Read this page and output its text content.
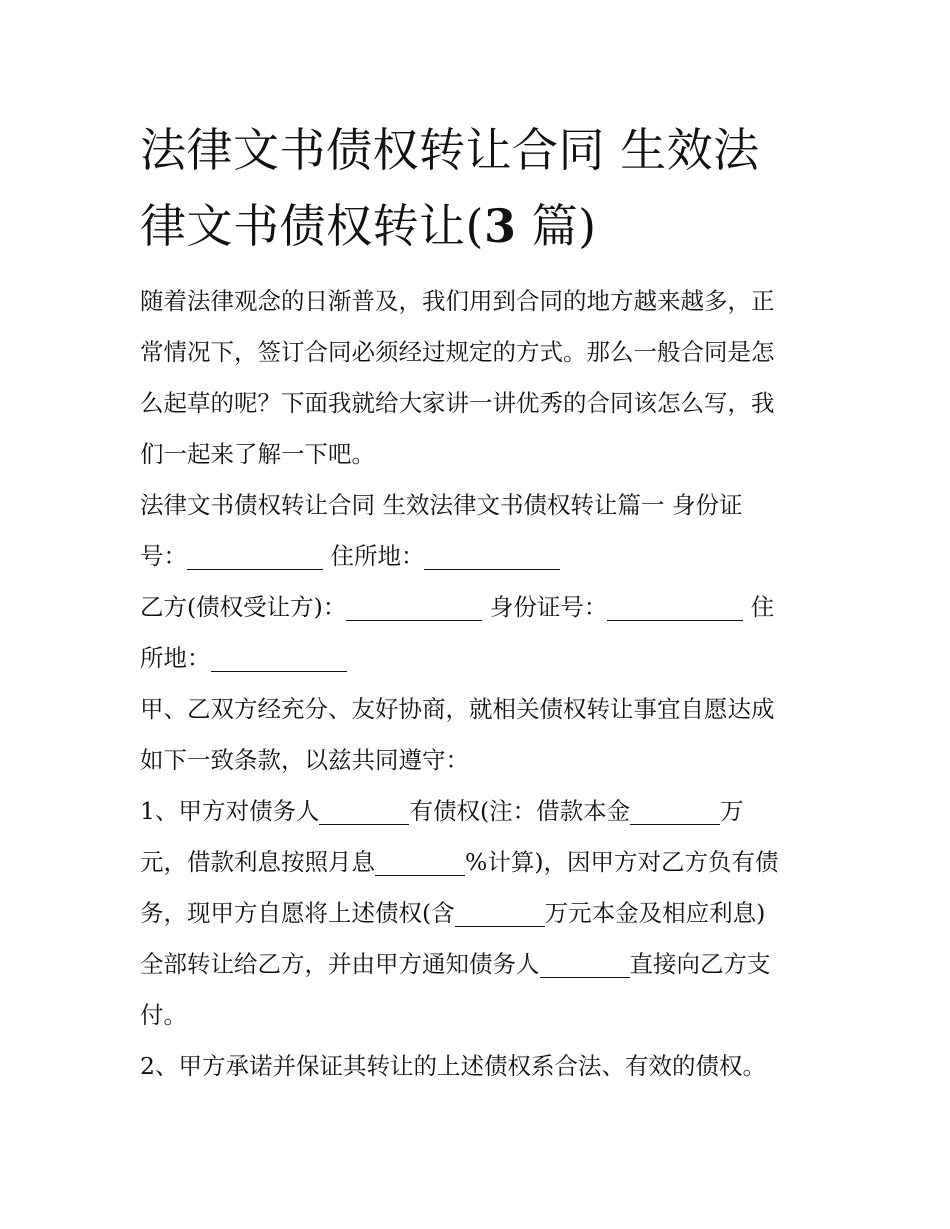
法律文书债权转让合同 生效法
律文书债权转让(3 篇)
随着法律观念的日渐普及，我们用到合同的地方越来越多，正
常情况下，签订合同必须经过规定的方式。那么一般合同是怎
么起草的呢？下面我就给大家讲一讲优秀的合同该怎么写，我
们一起来了解一下吧。
法律文书债权转让合同 生效法律文书债权转让篇一 身份证
号：	住所地：
乙方(债权受让方)：	身份证号：	住
所地：
甲、乙双方经充分、友好协商，就相关债权转让事宜自愿达成
如下一致条款，以兹共同遵守：
1、甲方对债务人	有债权(注：借款本金	万
元，借款利息按照月息	%计算)，因甲方对乙方负有债
务，现甲方自愿将上述债权(含	万元本金及相应利息)
全部转让给乙方，并由甲方通知债务人	直接向乙方支
付。
2、甲方承诺并保证其转让的上述债权系合法、有效的债权。
